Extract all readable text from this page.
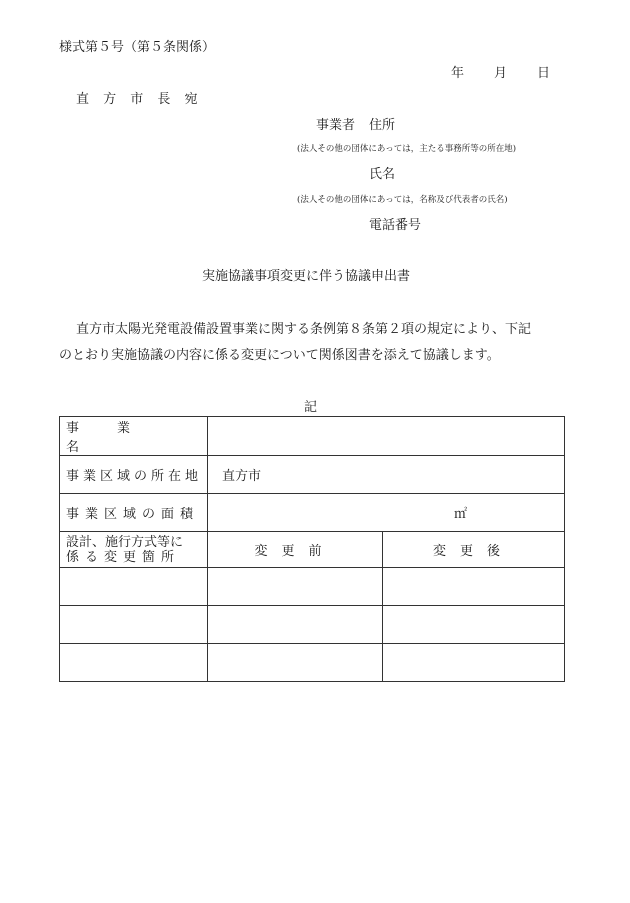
様式第５号（第５条関係）
年 月 日
直 方 市 長 宛
事業者 住所
(法人その他の団体にあっては，主たる事務所等の所在地)
氏名
(法人その他の団体にあっては，名称及び代表者の氏名)
電話番号
実施協議事項変更に伴う協議申出書
直方市太陽光発電設備設置事業に関する条例第８条第２項の規定により、下記
のとおり実施協議の内容に係る変更について関係図書を添えて協議します。
記
事業名		
事業区域の所在地	直方市	
事業区域の面積	㎡	

設計、施行方式等に
係る変更箇所	変更前	変更後
